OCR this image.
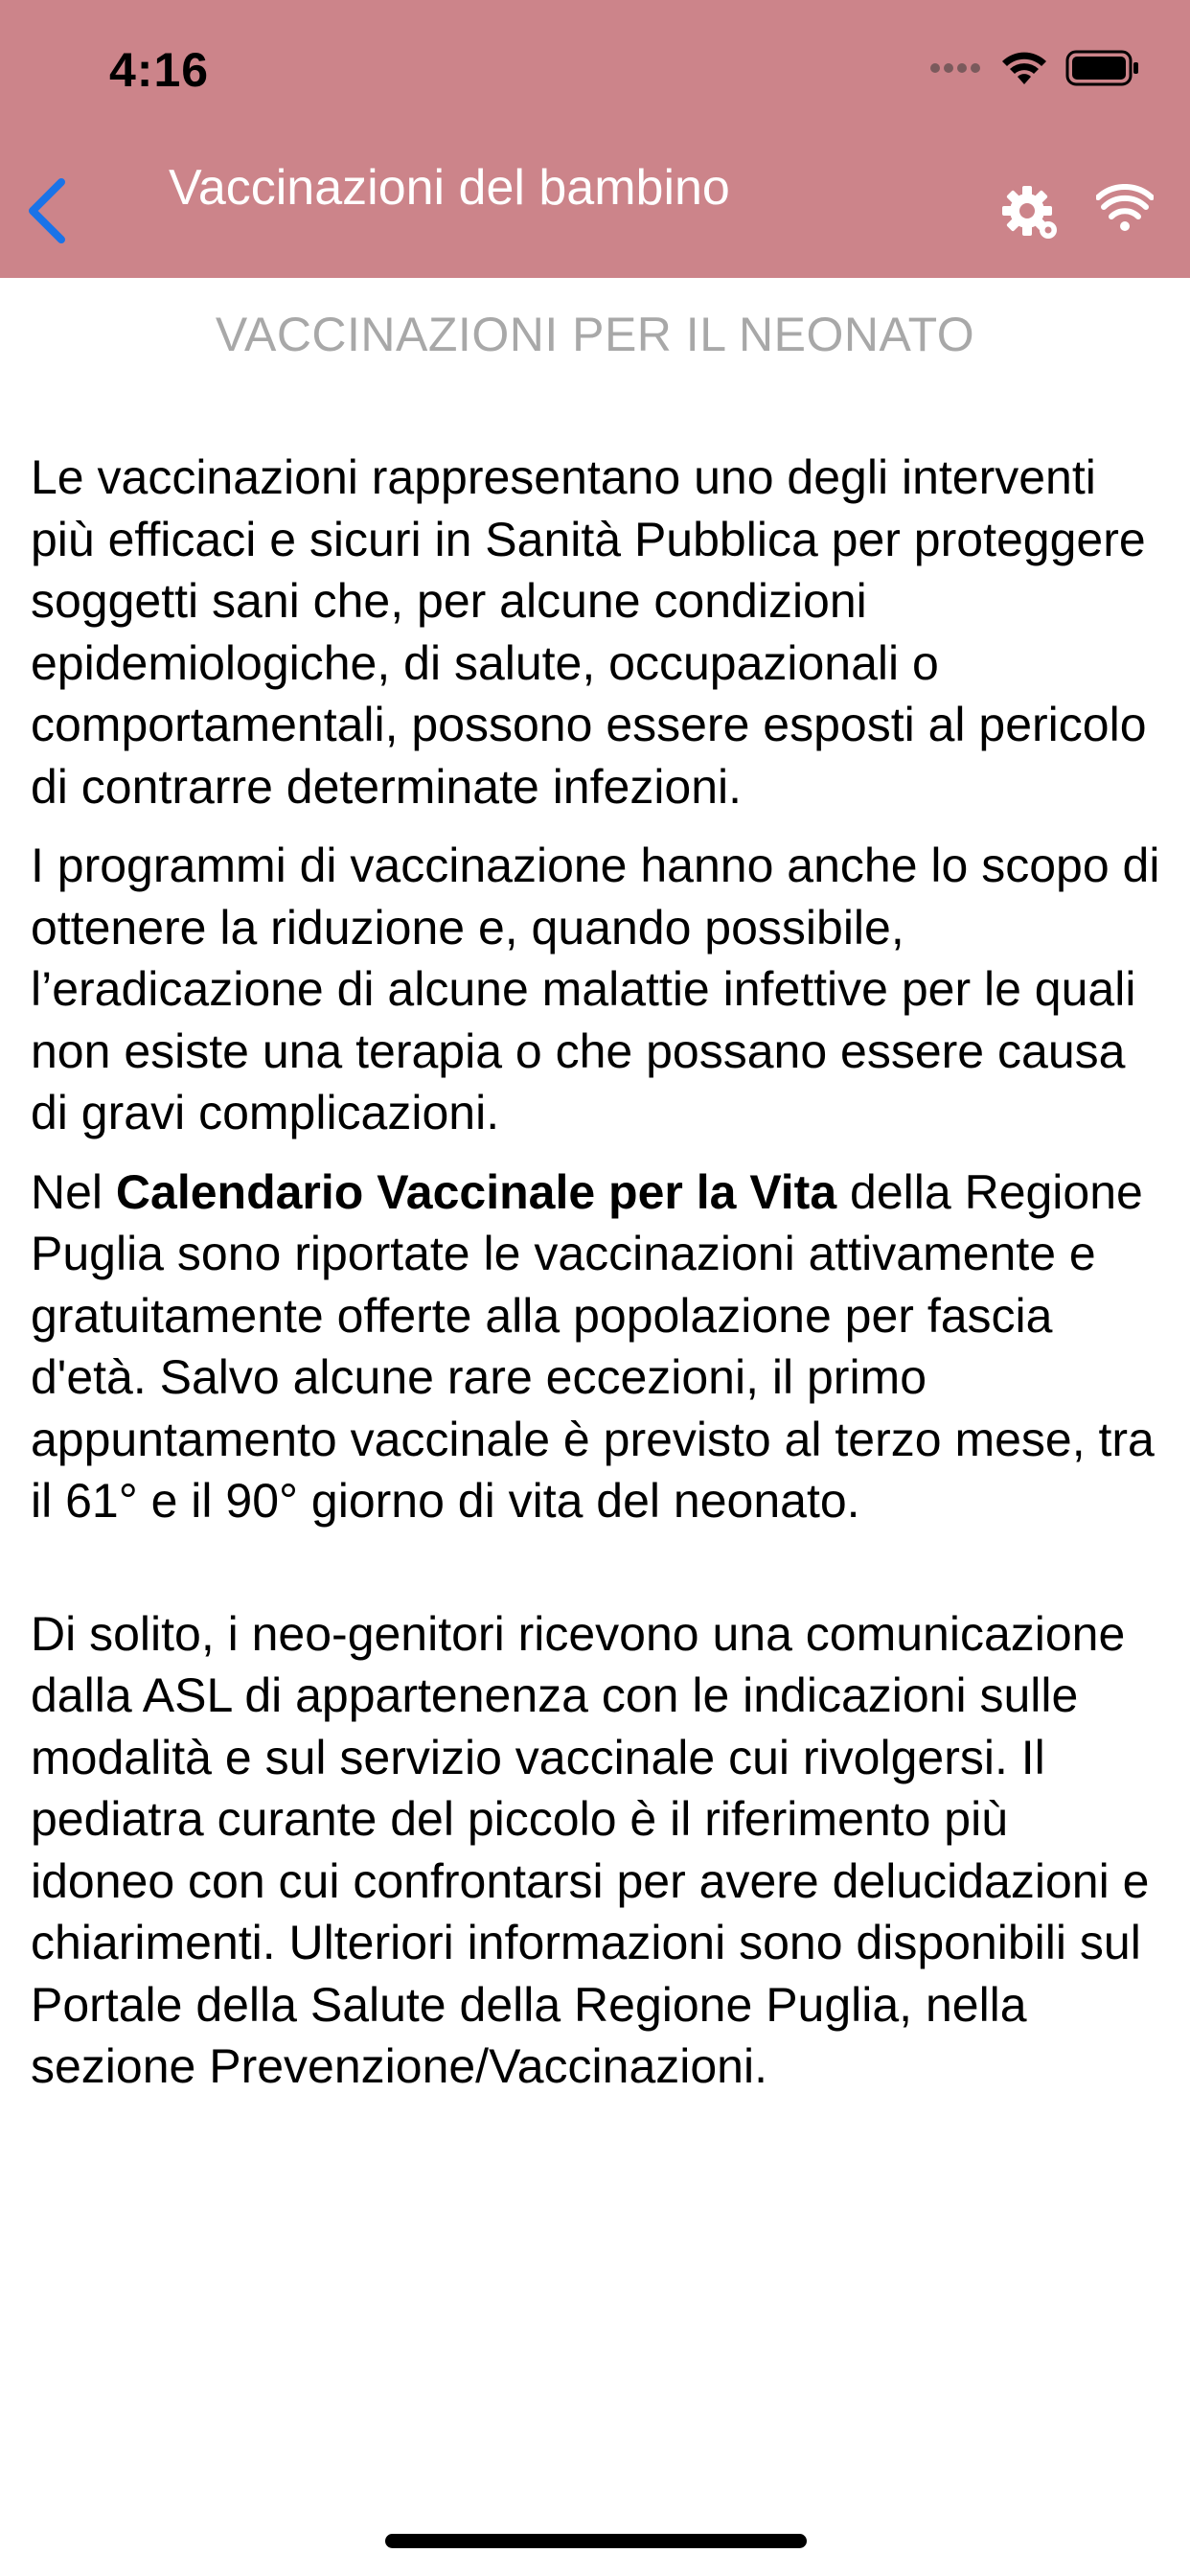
4:16
Vaccinazioni del bambino
VACCINAZIONI PER IL NEONATO

Le vaccinazioni rappresentano uno degli interventi più efficaci e sicuri in Sanità Pubblica per proteggere soggetti sani che, per alcune condizioni epidemiologiche, di salute, occupazionali o comportamentali, possono essere esposti al pericolo di contrarre determinate infezioni.

I programmi di vaccinazione hanno anche lo scopo di ottenere la riduzione e, quando possibile, l’eradicazione di alcune malattie infettive per le quali non esiste una terapia o che possano essere causa di gravi complicazioni.

Nel Calendario Vaccinale per la Vita della Regione Puglia sono riportate le vaccinazioni attivamente e gratuitamente offerte alla popolazione per fascia d'età. Salvo alcune rare eccezioni, il primo appuntamento vaccinale è previsto al terzo mese, tra il 61° e il 90° giorno di vita del neonato.

Di solito, i neo-genitori ricevono una comunicazione dalla ASL di appartenenza con le indicazioni sulle modalità e sul servizio vaccinale cui rivolgersi. Il pediatra curante del piccolo è il riferimento più idoneo con cui confrontarsi per avere delucidazioni e chiarimenti. Ulteriori informazioni sono disponibili sul Portale della Salute della Regione Puglia, nella sezione Prevenzione/Vaccinazioni.
